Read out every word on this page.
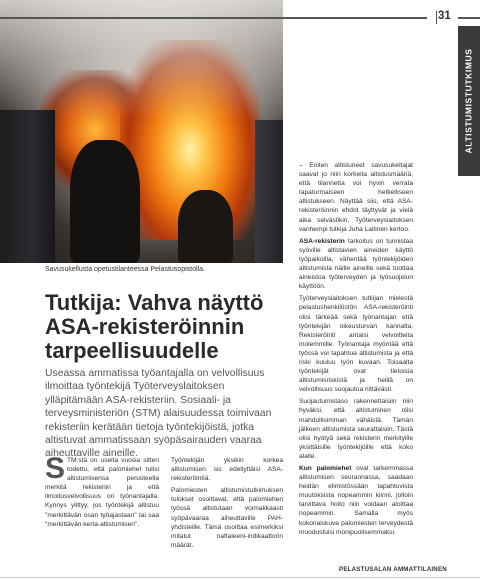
Savusukellusta opetustilanteessa Pelastusopistolla.
Tutkija: Vahva näyttö ASA-rekisteröinnin tarpeellisuudelle

Useassa ammatissa työantajalla on velvollisuus ilmoittaa työntekijä Työterveyslaitoksen ylläpitämään ASA-rekisteriin. Sosiaali- ja terveysministeriön (STM) alaisuudessa toimivaan rekisteriin kerätään tietoja työntekijöistä, jotka altistuvat ammatissaan syöpäsairauden vaaraa aiheuttaville aineille.

STM:stä on useita vuosia sitten todettu, että palomiehet tulisi altistumisensa perusteella merkitä rekisteriin ja että ilmoitusvelvollisuus on työnantajalla. Kynnys ylittyy, jos työntekijä altistuu "merkittävän osan työajastaan" tai saa "merkittävän kerta-altistumisen".

Työntekijän yksikin korkea altistumisen sis edellyttäisi ASA-rekisteröintiä.

Palomiesten altistumistutkimuksen tulokset osoittavat, että palomiehen työssä altistutaan voimakkaasti syöpävaaraa aiheuttaville PAH-yhdisteille. Tämä osoittaa esimerkiksi mitatut naftaleeni-indikaattorin määrät.

– Eniten altistuneet savusukeltajat saavat jo niin korkeita altistusmääriä, että tilannetta voi hyvin verrata tapaturmaiseen hetkelliseen altistukseen. Näyttää siis, että ASA-rekisteröinnin ehdot täyttyvät ja vielä aika selvästikin, Työterveyslaitoksen vanhempi tutkija Juha Laitinen kertoo.

ASA-rekisterin tarkoitus on tunnistaa syöville altistavien aineiden käyttö työpaikoilla, vähentää työntekijöiden altistumista näille aineille sekä tuottaa aineistoa työterveyden ja työsuojelun käyttöön.

Työterveyslaitoksen tutkijan mielestä pelastushenkilöstön ASA-rekisteröinti olisi tärkeää sekä työnantajan että työntekijän oikeusturvan kannalta. Rekisteröinti antaisi velvoitteita molemmille. Työnantaja myöntää että työssä voi tapahtua altistumista ja että riski kuuluu työn kuvaan. Toisaalta työntekijät ovat tietoisia altistumisriskistä ja heillä on velvollisuus suojautua riittävästi.

Suojautumistaso rakennettaisiin niin hyväksi, että altistuminen olisi mahdollisimman vähäistä. Tämän jälkeen altistumista seurattaisiin. Tästä olisi hyötyä sekä rekisterin merkityille yksittäisille työntekijöille että koko alalle.

Kun palomiehet ovat tarkemmassa altistumisen seurannassa, saadaan heidän elimistössään tapahtuvista muutoksista nopeammin kiinni, jolloin tarvittava hoito niin voidaan aloittaa nopeammin. Samalla myös kokonaiskuva palomiesten terveydestä muodostuisi monipuolisemmaksi.

31
ALTISTUMISTUTKIMUS
PELASTUSALAN AMMATTILAINEN
